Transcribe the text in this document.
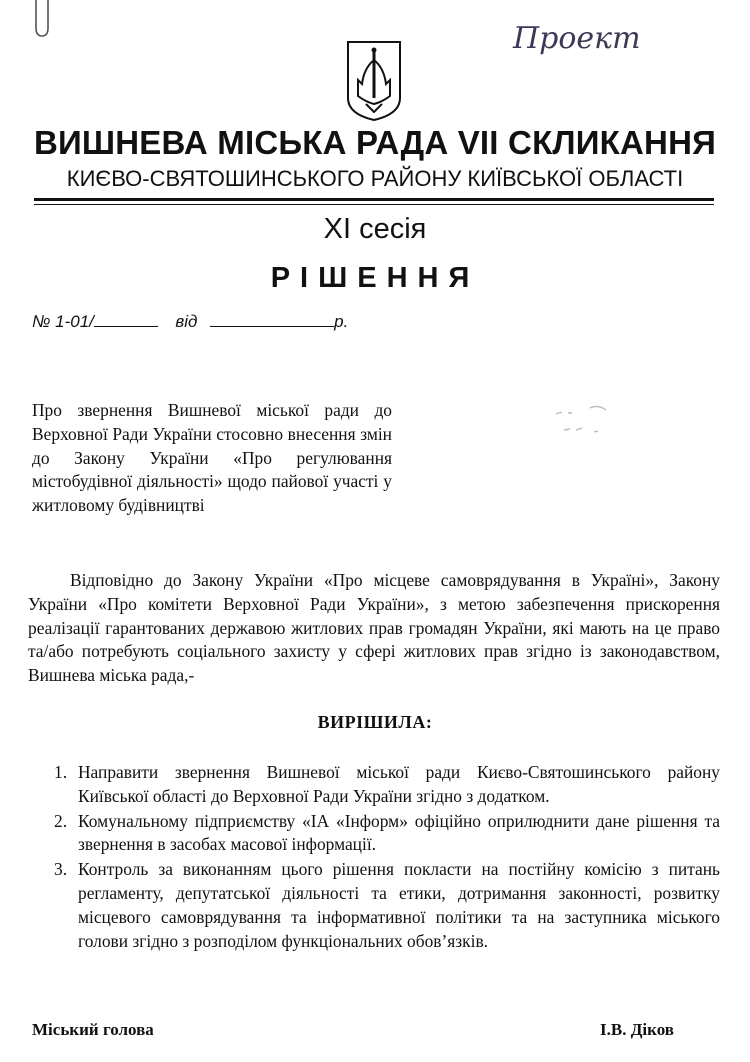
Проект
ВИШНЕВА МІСЬКА РАДА VII СКЛИКАННЯ
КИЄВО-СВЯТОШИНСЬКОГО РАЙОНУ КИЇВСЬКОЇ ОБЛАСТІ
XI сесія
РІШЕННЯ
№ 1-01/	від	р.
Про звернення Вишневої міської ради до Верховної Ради України стосовно внесення змін до Закону України «Про регулювання містобудівної діяльності» щодо пайової участі у житловому будівництві
Відповідно до Закону України «Про місцеве самоврядування в Україні», Закону України «Про комітети Верховної Ради України», з метою забезпечення прискорення реалізації гарантованих державою житлових прав громадян України, які мають на це право та/або потребують соціального захисту у сфері житлових прав згідно із законодавством, Вишнева міська рада,-
ВИРІШИЛА:
1. Направити звернення Вишневої міської ради Києво-Святошинського району Київської області до Верховної Ради України згідно з додатком.
2. Комунальному підприємству «ІА «Інформ» офіційно оприлюднити дане рішення та звернення в засобах масової інформації.
3. Контроль за виконанням цього рішення покласти на постійну комісію з питань регламенту, депутатської діяльності та етики, дотримання законності, розвитку місцевого самоврядування та інформативної політики та на заступника міського голови згідно з розподілом функціональних обов’язків.
Міський голова	І.В. Діков
